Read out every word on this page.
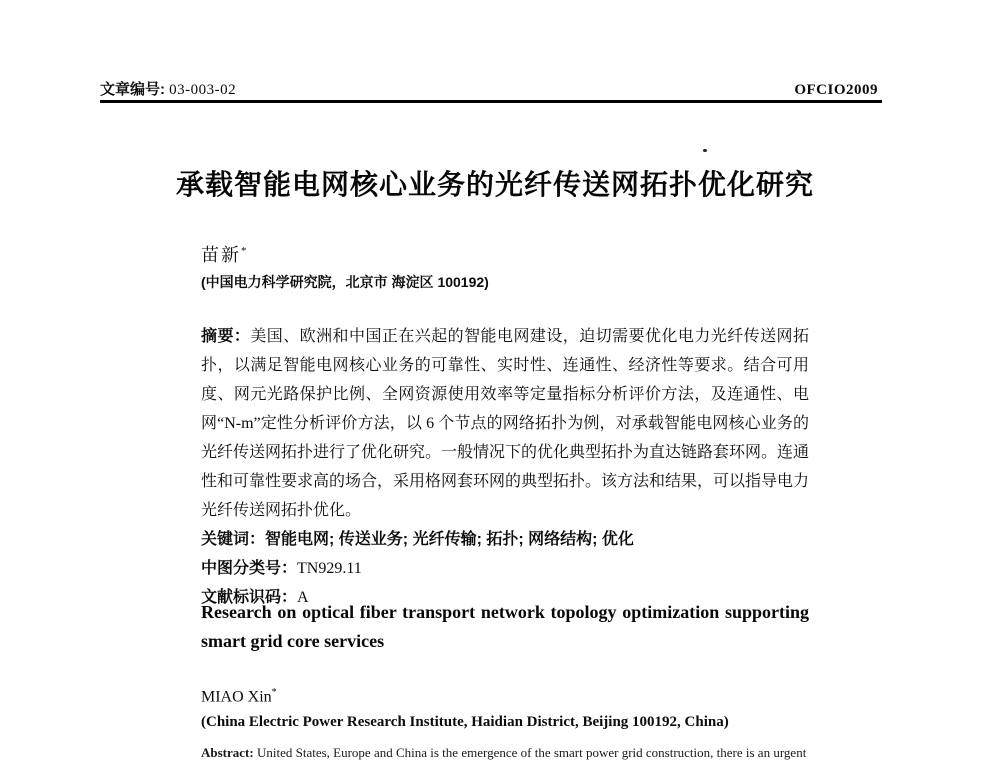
文章编号: 03-003-02	OFCIO2009
承载智能电网核心业务的光纤传送网拓扑优化研究
苗新*
(中国电力科学研究院，北京市 海淀区 100192)

摘要：美国、欧洲和中国正在兴起的智能电网建设，迫切需要优化电力光纤传送网拓扑，以满足智能电网核心业务的可靠性、实时性、连通性、经济性等要求。结合可用度、网元光路保护比例、全网资源使用效率等定量指标分析评价方法，及连通性、电网“N-m”定性分析评价方法，以 6 个节点的网络拓扑为例，对承载智能电网核心业务的光纤传送网拓扑进行了优化研究。一般情况下的优化典型拓扑为直达链路套环网。连通性和可靠性要求高的场合，采用格网套环网的典型拓扑。该方法和结果，可以指导电力光纤传送网拓扑优化。

关键词：智能电网; 传送业务; 光纤传输; 拓扑; 网络结构; 优化

中图分类号：TN929.11

文献标识码：A

Research on optical fiber transport network topology optimization supporting smart grid core services
MIAO Xin*
(China Electric Power Research Institute, Haidian District, Beijing 100192, China)
Abstract: United States, Europe and China is the emergence of the smart power grid construction, there is an urgent
